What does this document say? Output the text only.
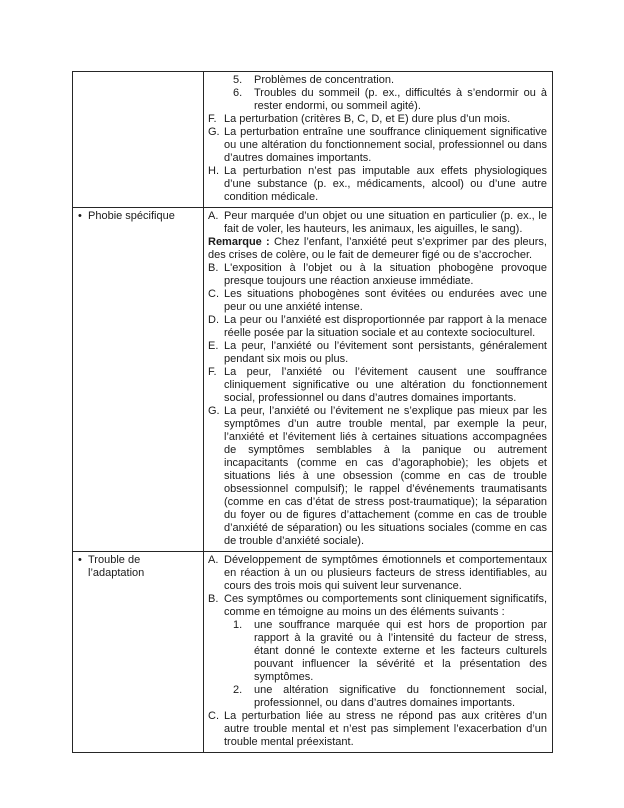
5. Problèmes de concentration.
6. Troubles du sommeil (p. ex., difficultés à s’endormir ou à rester endormi, ou sommeil agité).
F. La perturbation (critères B, C, D, et E) dure plus d’un mois.
G. La perturbation entraîne une souffrance cliniquement significative ou une altération du fonctionnement social, professionnel ou dans d’autres domaines importants.
H. La perturbation n’est pas imputable aux effets physiologiques d’une substance (p. ex., médicaments, alcool) ou d’une autre condition médicale.
• Phobie spécifique	A. Peur marquée d’un objet ou une situation en particulier (p. ex., le fait de voler, les hauteurs, les animaux, les aiguilles, le sang).
Remarque : Chez l’enfant, l’anxiété peut s’exprimer par des pleurs, des crises de colère, ou le fait de demeurer figé ou de s’accrocher.
B. L'exposition à l’objet ou à la situation phobogène provoque presque toujours une réaction anxieuse immédiate.
C. Les situations phobogènes sont évitées ou endurées avec une peur ou une anxiété intense.
D. La peur ou l’anxiété est disproportionnée par rapport à la menace réelle posée par la situation sociale et au contexte socioculturel.
E. La peur, l’anxiété ou l’évitement sont persistants, généralement pendant six mois ou plus.
F. La peur, l’anxiété ou l’évitement causent une souffrance cliniquement significative ou une altération du fonctionnement social, professionnel ou dans d’autres domaines importants.
G. La peur, l’anxiété ou l’évitement ne s’explique pas mieux par les symptômes d’un autre trouble mental, par exemple la peur, l’anxiété et l’évitement liés à certaines situations accompagnées de symptômes semblables à la panique ou autrement incapacitants (comme en cas d’agoraphobie); les objets et situations liés à une obsession (comme en cas de trouble obsessionnel compulsif); le rappel d’événements traumatisants (comme en cas d’état de stress post-traumatique); la séparation du foyer ou de figures d’attachement (comme en cas de trouble d’anxiété de séparation) ou les situations sociales (comme en cas de trouble d’anxiété sociale).
• Trouble de l’adaptation
A. Développement de symptômes émotionnels et comportementaux en réaction à un ou plusieurs facteurs de stress identifiables, au cours des trois mois qui suivent leur survenance.
B. Ces symptômes ou comportements sont cliniquement significatifs, comme en témoigne au moins un des éléments suivants :
1. une souffrance marquée qui est hors de proportion par rapport à la gravité ou à l’intensité du facteur de stress, étant donné le contexte externe et les facteurs culturels pouvant influencer la sévérité et la présentation des symptômes.
2. une altération significative du fonctionnement social, professionnel, ou dans d’autres domaines importants.
C. La perturbation liée au stress ne répond pas aux critères d’un autre trouble mental et n’est pas simplement l’exacerbation d’un trouble mental préexistant.
